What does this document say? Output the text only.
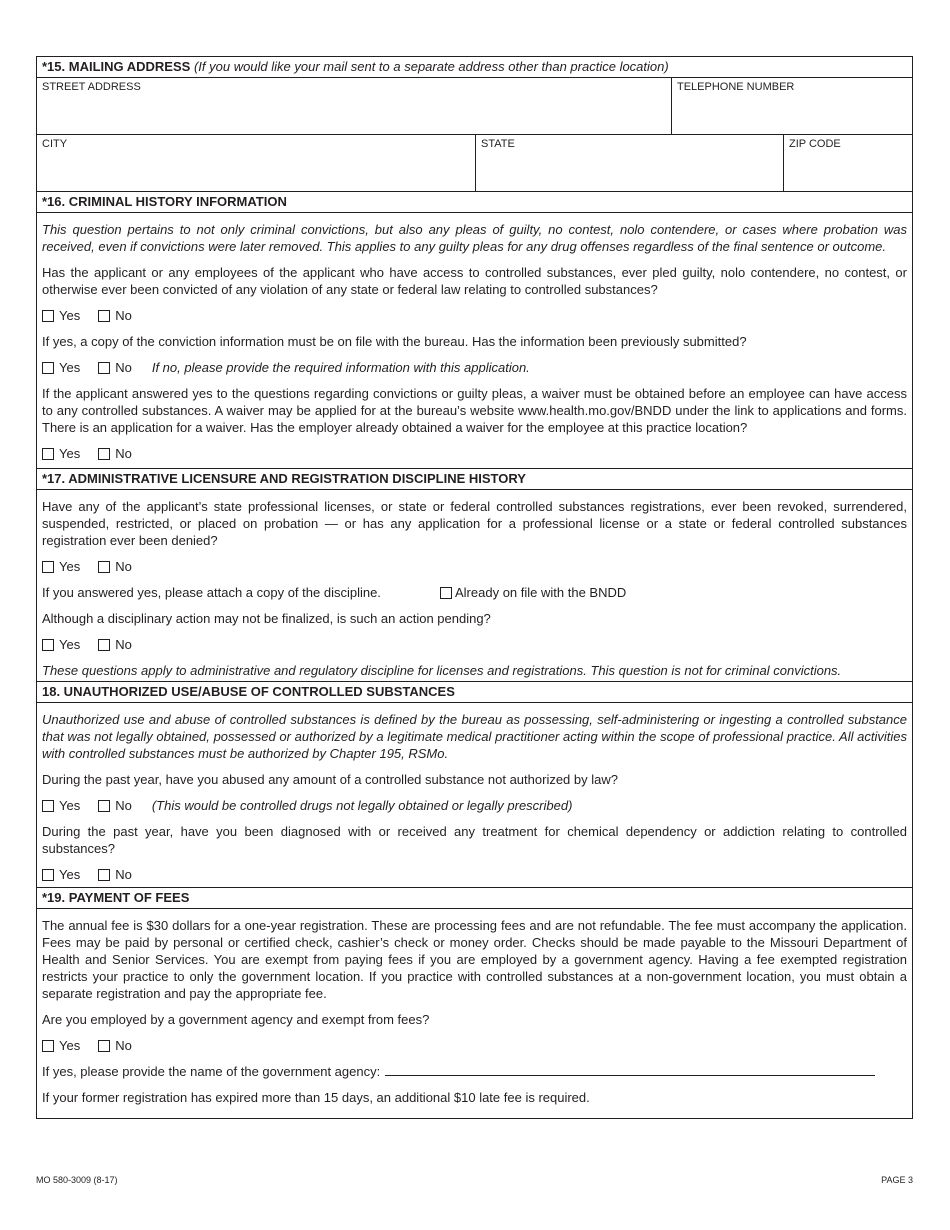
*15. MAILING ADDRESS (If you would like your mail sent to a separate address other than practice location)
STREET ADDRESS	TELEPHONE NUMBER
CITY	STATE	ZIP CODE
*16. CRIMINAL HISTORY INFORMATION

This question pertains to not only criminal convictions, but also any pleas of guilty, no contest, nolo contendere, or cases where probation was received, even if convictions were later removed. This applies to any guilty pleas for any drug offenses regardless of the final sentence or outcome.

Has the applicant or any employees of the applicant who have access to controlled substances, ever pled guilty, nolo contendere, no contest, or otherwise ever been convicted of any violation of any state or federal law relating to controlled substances?

Yes	No

If yes, a copy of the conviction information must be on file with the bureau. Has the information been previously submitted?

Yes	No If no, please provide the required information with this application.

If the applicant answered yes to the questions regarding convictions or guilty pleas, a waiver must be obtained before an employee can have access to any controlled substances. A waiver may be applied for at the bureau’s website www.health.mo.gov/BNDD under the link to applications and forms. There is an application for a waiver. Has the employer already obtained a waiver for the employee at this practice location?

Yes	No
*17. ADMINISTRATIVE LICENSURE AND REGISTRATION DISCIPLINE HISTORY

Have any of the applicant’s state professional licenses, or state or federal controlled substances registrations, ever been revoked, surrendered, suspended, restricted, or placed on probation — or has any application for a professional license or a state or federal controlled substances registration ever been denied?

Yes	No
If you answered yes, please attach a copy of the discipline.	Already on file with the BNDD

Although a disciplinary action may not be finalized, is such an action pending?

Yes	No

These questions apply to administrative and regulatory discipline for licenses and registrations. This question is not for criminal convictions.

18. UNAUTHORIZED USE/ABUSE OF CONTROLLED SUBSTANCES

Unauthorized use and abuse of controlled substances is defined by the bureau as possessing, self-administering or ingesting a controlled substance that was not legally obtained, possessed or authorized by a legitimate medical practitioner acting within the scope of professional practice. All activities with controlled substances must be authorized by Chapter 195, RSMo.

During the past year, have you abused any amount of a controlled substance not authorized by law?

Yes	No (This would be controlled drugs not legally obtained or legally prescribed)

During the past year, have you been diagnosed with or received any treatment for chemical dependency or addiction relating to controlled substances?

Yes	No
*19. PAYMENT OF FEES

The annual fee is $30 dollars for a one-year registration. These are processing fees and are not refundable. The fee must accompany the application. Fees may be paid by personal or certified check, cashier’s check or money order. Checks should be made payable to the Missouri Department of Health and Senior Services. You are exempt from paying fees if you are employed by a government agency. Having a fee exempted registration restricts your practice to only the government location. If you practice with controlled substances at a non-government location, you must obtain a separate registration and pay the appropriate fee.

Are you employed by a government agency and exempt from fees?

Yes	No

If yes, please provide the name of the government agency:

If your former registration has expired more than 15 days, an additional $10 late fee is required.

MO 580-3009 (8-17)	PAGE 3
